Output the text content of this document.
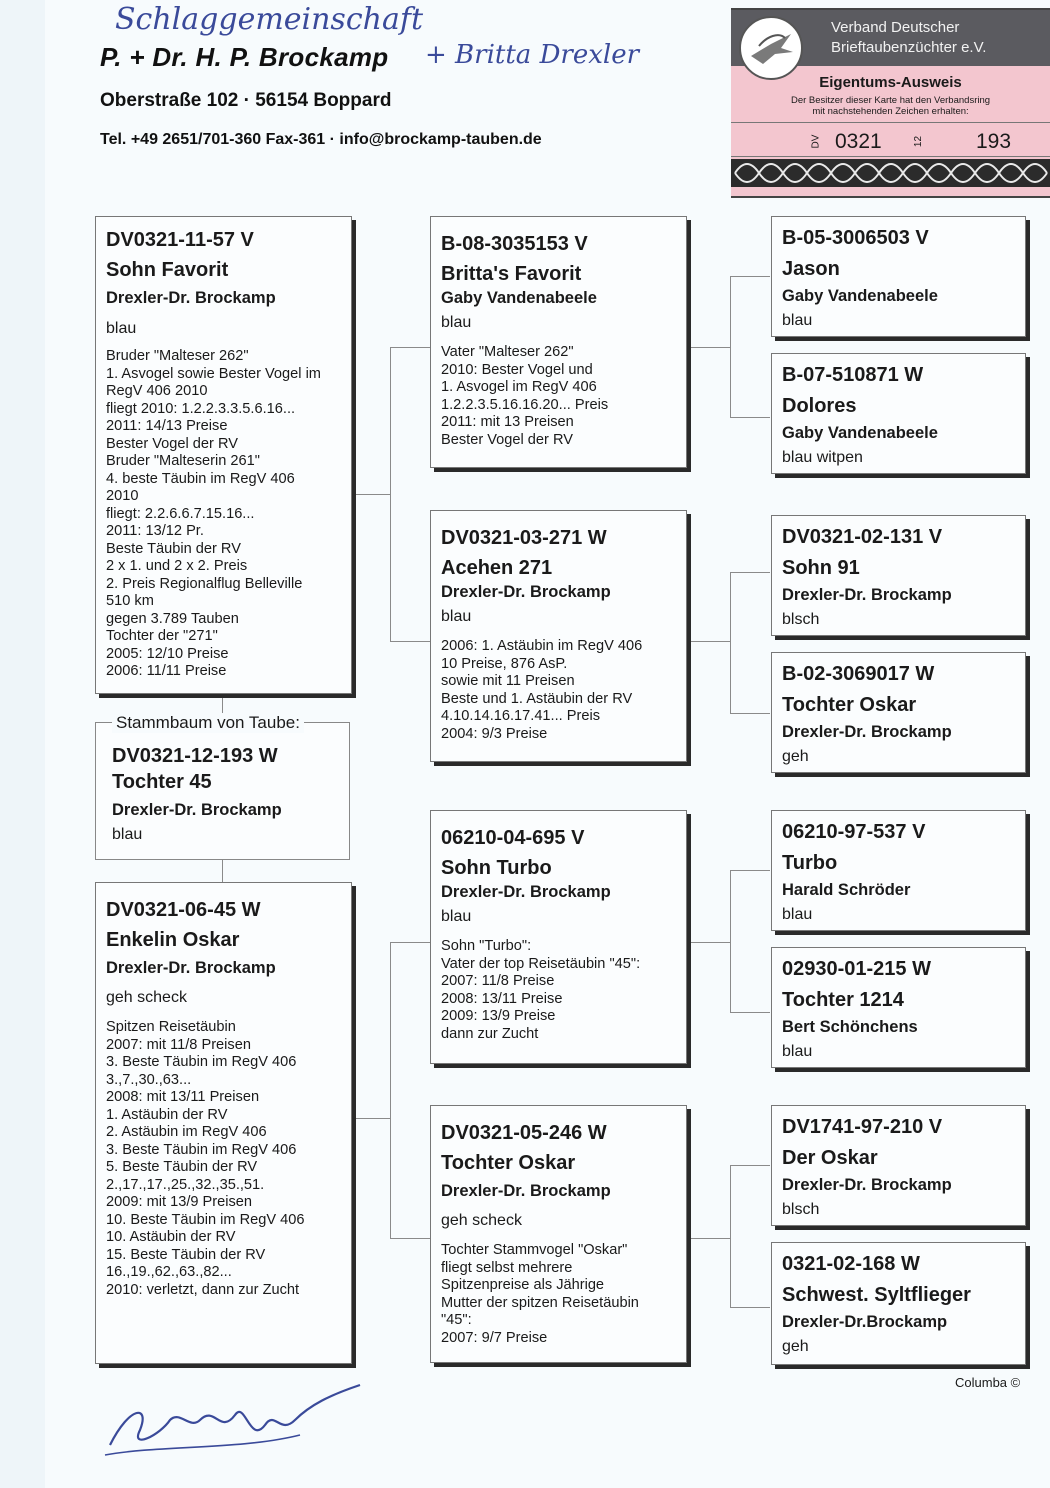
Schlaggemeinschaft
P. + Dr. H. P. Brockamp + Britta Drexler
Oberstraße 102 · 56154 Boppard
Tel. +49 2651/701-360 Fax-361 · info@brockamp-tauben.de
Verband Deutscher
Brieftaubenzüchter e.V.
Eigentums-Ausweis
Der Besitzer dieser Karte hat den Verbandsring
mit nachstehenden Zeichen erhalten:
DV 0321	12 193
DV0321-11-57 V
Sohn Favorit
Drexler-Dr. Brockamp
blau
Bruder "Malteser 262"
1. Asvogel sowie Bester Vogel im
RegV 406 2010
fliegt 2010: 1.2.2.3.3.5.6.16...
2011: 14/13 Preise
Bester Vogel der RV
Bruder "Malteserin 261"
4. beste Täubin im RegV 406
2010
fliegt: 2.2.6.6.7.15.16...
2011: 13/12 Pr.
Beste Täubin der RV
2 x 1. und 2 x 2. Preis
2. Preis Regionalflug Belleville
510 km
gegen 3.789 Tauben
Tochter der "271"
2005: 12/10 Preise
2006: 11/11 Preise
DV0321-12-193 W
Tochter 45
Drexler-Dr. Brockamp
blau
Stammbaum von Taube:
DV0321-06-45 W
Enkelin Oskar
Drexler-Dr. Brockamp
geh scheck
Spitzen Reisetäubin
2007: mit 11/8 Preisen
3. Beste Täubin im RegV 406
3.,7.,30.,63...
2008: mit 13/11 Preisen
1. Astäubin der RV
2. Astäubin im RegV 406
3. Beste Täubin im RegV 406
5. Beste Täubin der RV
2.,17.,17.,25.,32.,35.,51.
2009: mit 13/9 Preisen
10. Beste Täubin im RegV 406
10. Astäubin der RV
15. Beste Täubin der RV
16.,19.,62.,63.,82...
2010: verletzt, dann zur Zucht
B-08-3035153 V
Britta's Favorit
Gaby Vandenabeele
blau
Vater "Malteser 262"
2010: Bester Vogel und
1. Asvogel im RegV 406
1.2.2.3.5.16.16.20... Preis
2011: mit 13 Preisen
Bester Vogel der RV
DV0321-03-271 W
Acehen 271
Drexler-Dr. Brockamp
blau
2006: 1. Astäubin im RegV 406
10 Preise, 876 AsP.
sowie mit 11 Preisen
Beste und 1. Astäubin der RV
4.10.14.16.17.41... Preis
2004: 9/3 Preise
06210-04-695 V
Sohn Turbo
Drexler-Dr. Brockamp
blau
Sohn "Turbo":
Vater der top Reisetäubin "45":
2007: 11/8 Preise
2008: 13/11 Preise
2009: 13/9 Preise
dann zur Zucht
DV0321-05-246 W
Tochter Oskar
Drexler-Dr. Brockamp
geh scheck
Tochter Stammvogel "Oskar"
fliegt selbst mehrere
Spitzenpreise als Jährige
Mutter der spitzen Reisetäubin
"45":
2007: 9/7 Preise
B-05-3006503 V
Jason
Gaby Vandenabeele
blau
B-07-510871 W
Dolores
Gaby Vandenabeele
blau witpen
DV0321-02-131 V
Sohn 91
Drexler-Dr. Brockamp
blsch
B-02-3069017 W
Tochter Oskar
Drexler-Dr. Brockamp
geh
06210-97-537 V
Turbo
Harald Schröder
blau
02930-01-215 W
Tochter 1214
Bert Schönchens
blau
DV1741-97-210 V
Der Oskar
Drexler-Dr. Brockamp
blsch
0321-02-168 W
Schwest. Syltflieger
Drexler-Dr.Brockamp
geh
Columba ©
